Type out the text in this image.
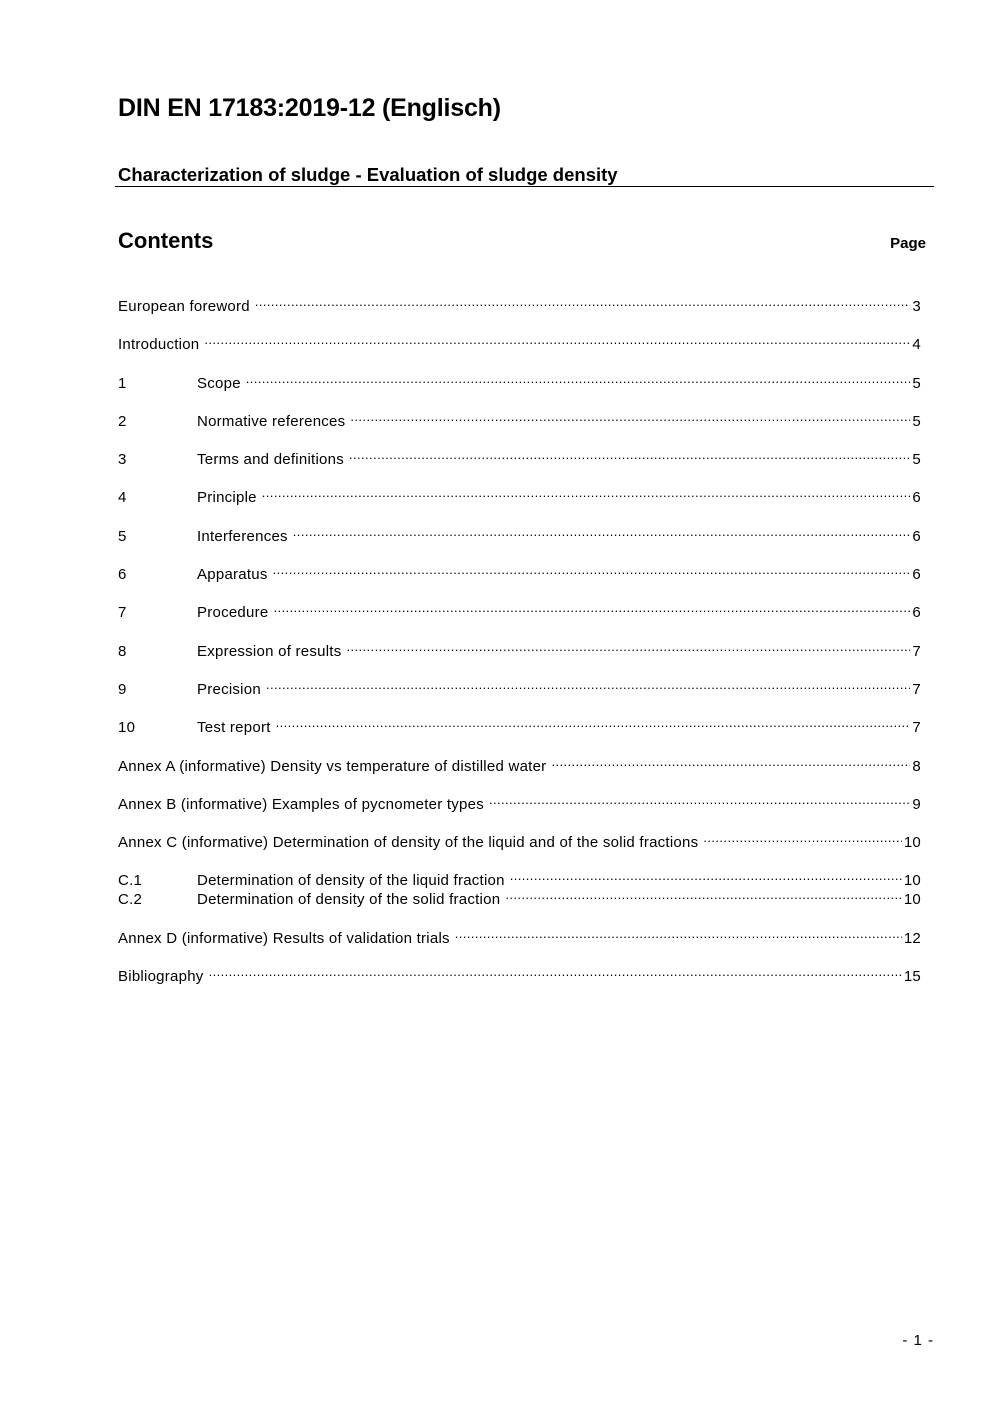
DIN EN 17183:2019-12 (Englisch)
Characterization of sludge - Evaluation of sludge density
Contents	Page
European foreword .....	3
Introduction .....	4
1	Scope .....	5
2	Normative references .....	5
3	Terms and definitions .....	5
4	Principle .....	6
5	Interferences .....	6
6	Apparatus .....	6
7	Procedure .....	6
8	Expression of results .....	7
9	Precision .....	7
10	Test report .....	7
Annex A (informative) Density vs temperature of distilled water .....	8
Annex B (informative) Examples of pycnometer types .....	9
Annex C (informative) Determination of density of the liquid and of the solid fractions .....	10
C.1	Determination of density of the liquid fraction .....	10
C.2	Determination of density of the solid fraction .....	10
Annex D (informative) Results of validation trials .....	12
Bibliography .....	15
- 1 -
